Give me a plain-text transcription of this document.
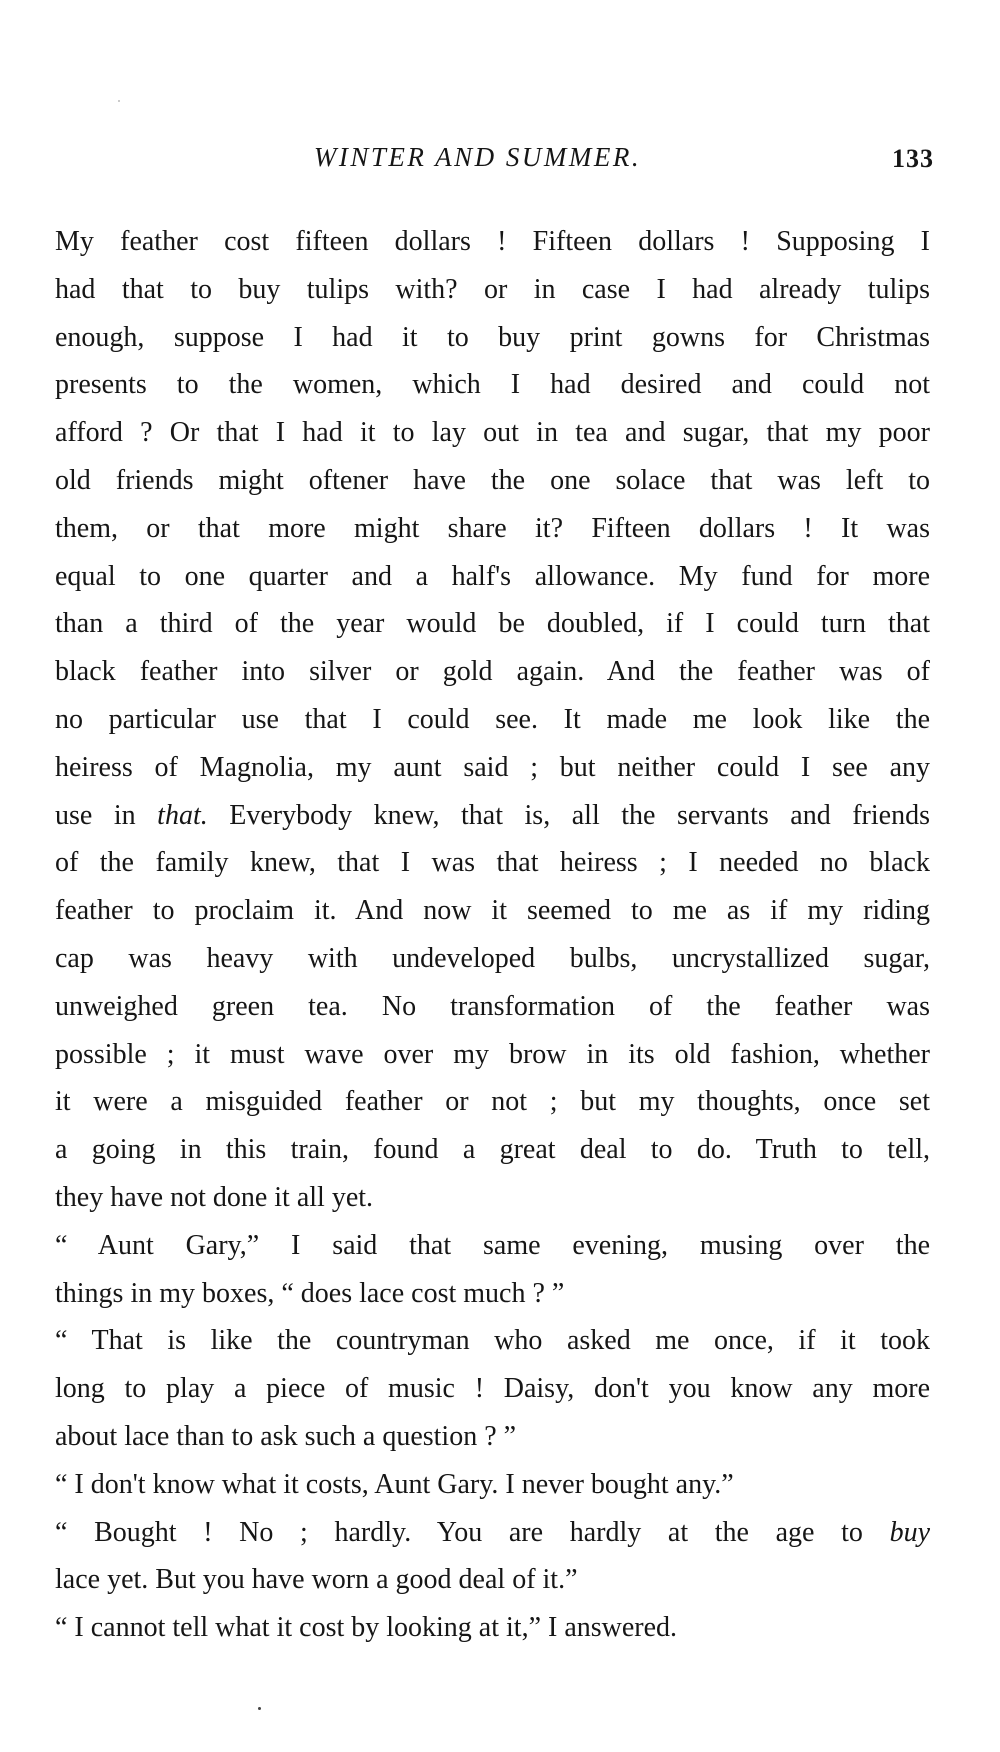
WINTER AND SUMMER.	133

My feather cost fifteen dollars ! Fifteen dollars ! Supposing I
had that to buy tulips with? or in case I had already tulips
enough, suppose I had it to buy print gowns for Christmas
presents to the women, which I had desired and could not
afford ? Or that I had it to lay out in tea and sugar, that my poor
old friends might oftener have the one solace that was left to
them, or that more might share it? Fifteen dollars ! It was
equal to one quarter and a half's allowance. My fund for more
than a third of the year would be doubled, if I could turn that
black feather into silver or gold again. And the feather was of
no particular use that I could see. It made me look like the
heiress of Magnolia, my aunt said ; but neither could I see any
use in that. Everybody knew, that is, all the servants and friends
of the family knew, that I was that heiress ; I needed no black
feather to proclaim it. And now it seemed to me as if my riding
cap was heavy with undeveloped bulbs, uncrystallized sugar,
unweighed green tea. No transformation of the feather was
possible ; it must wave over my brow in its old fashion, whether
it were a misguided feather or not ; but my thoughts, once set
a going in this train, found a great deal to do. Truth to tell,
they have not done it all yet.

“ Aunt Gary,” I said that same evening, musing over the
things in my boxes, “ does lace cost much ? ”

“ That is like the countryman who asked me once, if it took
long to play a piece of music ! Daisy, don't you know any more
about lace than to ask such a question ? ”

“ I don't know what it costs, Aunt Gary. I never bought any.”

“ Bought ! No ; hardly. You are hardly at the age to buy
lace yet. But you have worn a good deal of it.”

“ I cannot tell what it cost by looking at it,” I answered.
